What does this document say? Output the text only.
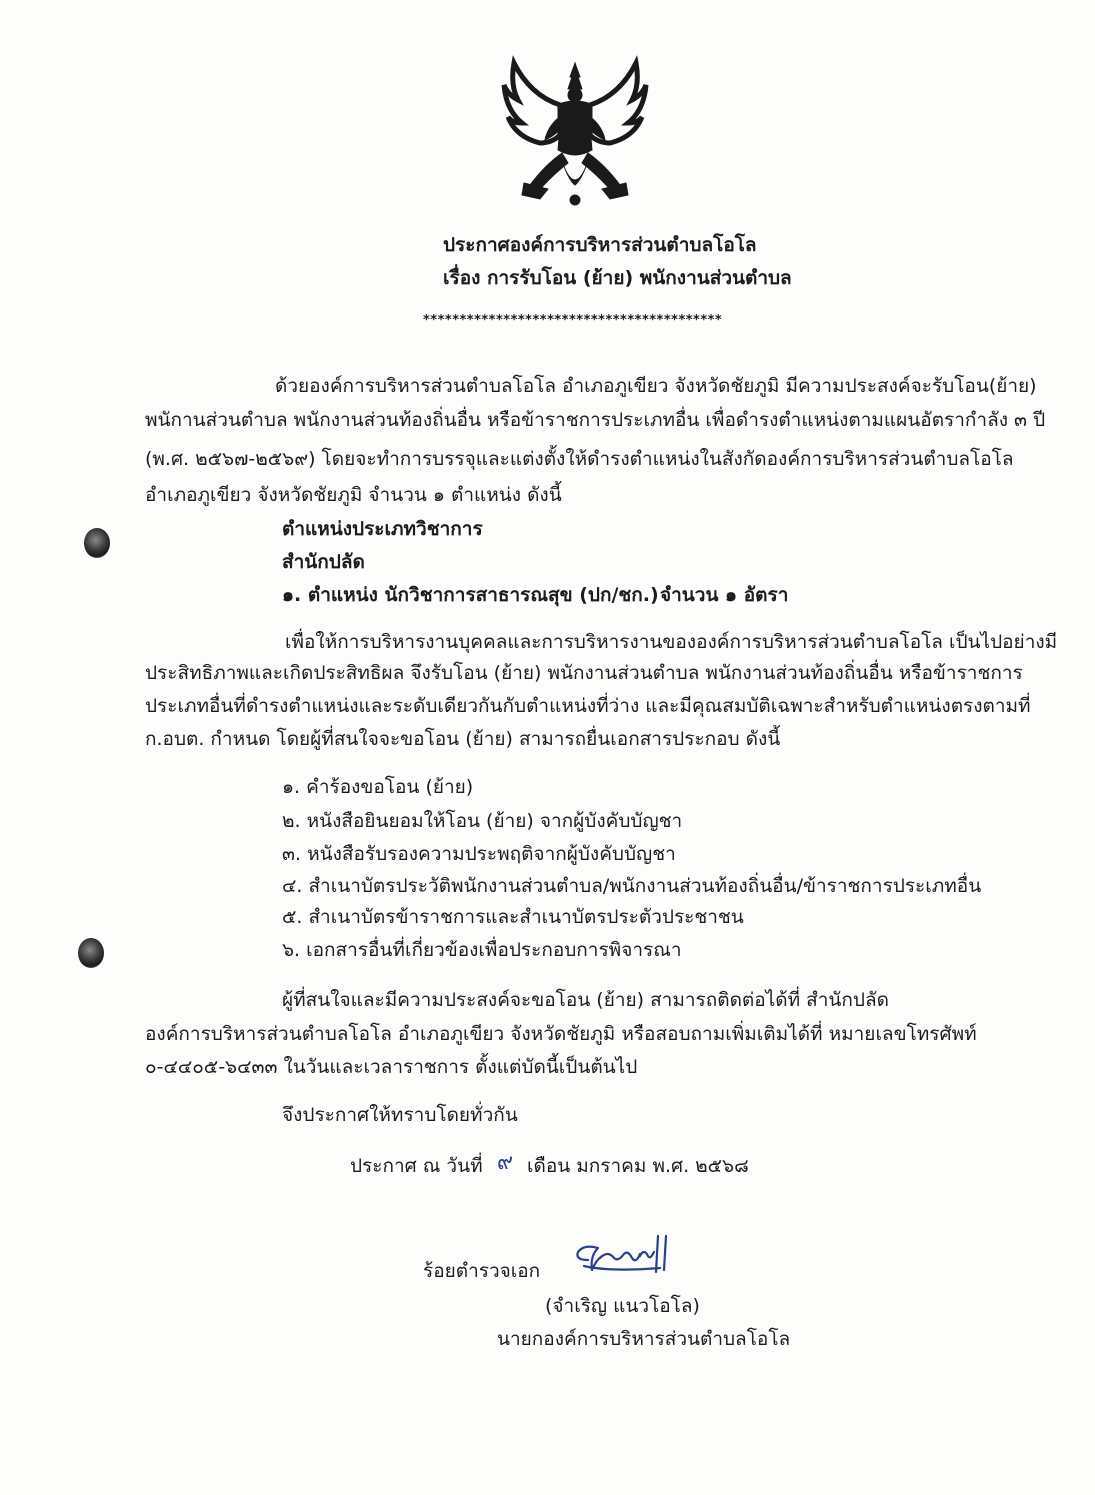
ประกาศองค์การบริหารส่วนตำบลโอโล
เรื่อง การรับโอน (ย้าย) พนักงานส่วนตำบล
*****************************************
ด้วยองค์การบริหารส่วนตำบลโอโล อำเภอภูเขียว จังหวัดชัยภูมิ มีความประสงค์จะรับโอน(ย้าย)
พนักานส่วนตำบล พนักงานส่วนท้องถิ่นอื่น หรือข้าราชการประเภทอื่น เพื่อดำรงตำแหน่งตามแผนอัตรากำลัง ๓ ปี
(พ.ศ. ๒๕๖๗-๒๕๖๙) โดยจะทำการบรรจุและแต่งตั้งให้ดำรงตำแหน่งในสังกัดองค์การบริหารส่วนตำบลโอโล
อำเภอภูเขียว จังหวัดชัยภูมิ จำนวน ๑ ตำแหน่ง ดังนี้
ตำแหน่งประเภทวิชาการ
สำนักปลัด
๑. ตำแหน่ง นักวิชาการสาธารณสุข (ปก/ชก.) จำนวน ๑ อัตรา
เพื่อให้การบริหารงานบุคคลและการบริหารงานขององค์การบริหารส่วนตำบลโอโล เป็นไปอย่างมี
ประสิทธิภาพและเกิดประสิทธิผล จึงรับโอน (ย้าย) พนักงานส่วนตำบล พนักงานส่วนท้องถิ่นอื่น หรือข้าราชการ
ประเภทอื่นที่ดำรงตำแหน่งและระดับเดียวกันกับตำแหน่งที่ว่าง และมีคุณสมบัติเฉพาะสำหรับตำแหน่งตรงตามที่
ก.อบต. กำหนด โดยผู้ที่สนใจจะขอโอน (ย้าย) สามารถยื่นเอกสารประกอบ ดังนี้
๑. คำร้องขอโอน (ย้าย)
๒. หนังสือยินยอมให้โอน (ย้าย) จากผู้บังคับบัญชา
๓. หนังสือรับรองความประพฤติจากผู้บังคับบัญชา
๔. สำเนาบัตรประวัติพนักงานส่วนตำบล/พนักงานส่วนท้องถิ่นอื่น/ข้าราชการประเภทอื่น
๕. สำเนาบัตรข้าราชการและสำเนาบัตรประตัวประชาชน
๖. เอกสารอื่นที่เกี่ยวข้องเพื่อประกอบการพิจารณา
ผู้ที่สนใจและมีความประสงค์จะขอโอน (ย้าย) สามารถติดต่อได้ที่ สำนักปลัด
องค์การบริหารส่วนตำบลโอโล อำเภอภูเขียว จังหวัดชัยภูมิ หรือสอบถามเพิ่มเติมได้ที่ หมายเลขโทรศัพท์
๐-๔๔๐๕-๖๔๓๓ ในวันและเวลาราชการ ตั้งแต่บัดนี้เป็นต้นไป
จึงประกาศให้ทราบโดยทั่วกัน
ประกาศ ณ วันที่ ๙ เดือน มกราคม พ.ศ. ๒๕๖๘
ร้อยตำรวจเอก
(จำเริญ แนวโอโล)
นายกองค์การบริหารส่วนตำบลโอโล
